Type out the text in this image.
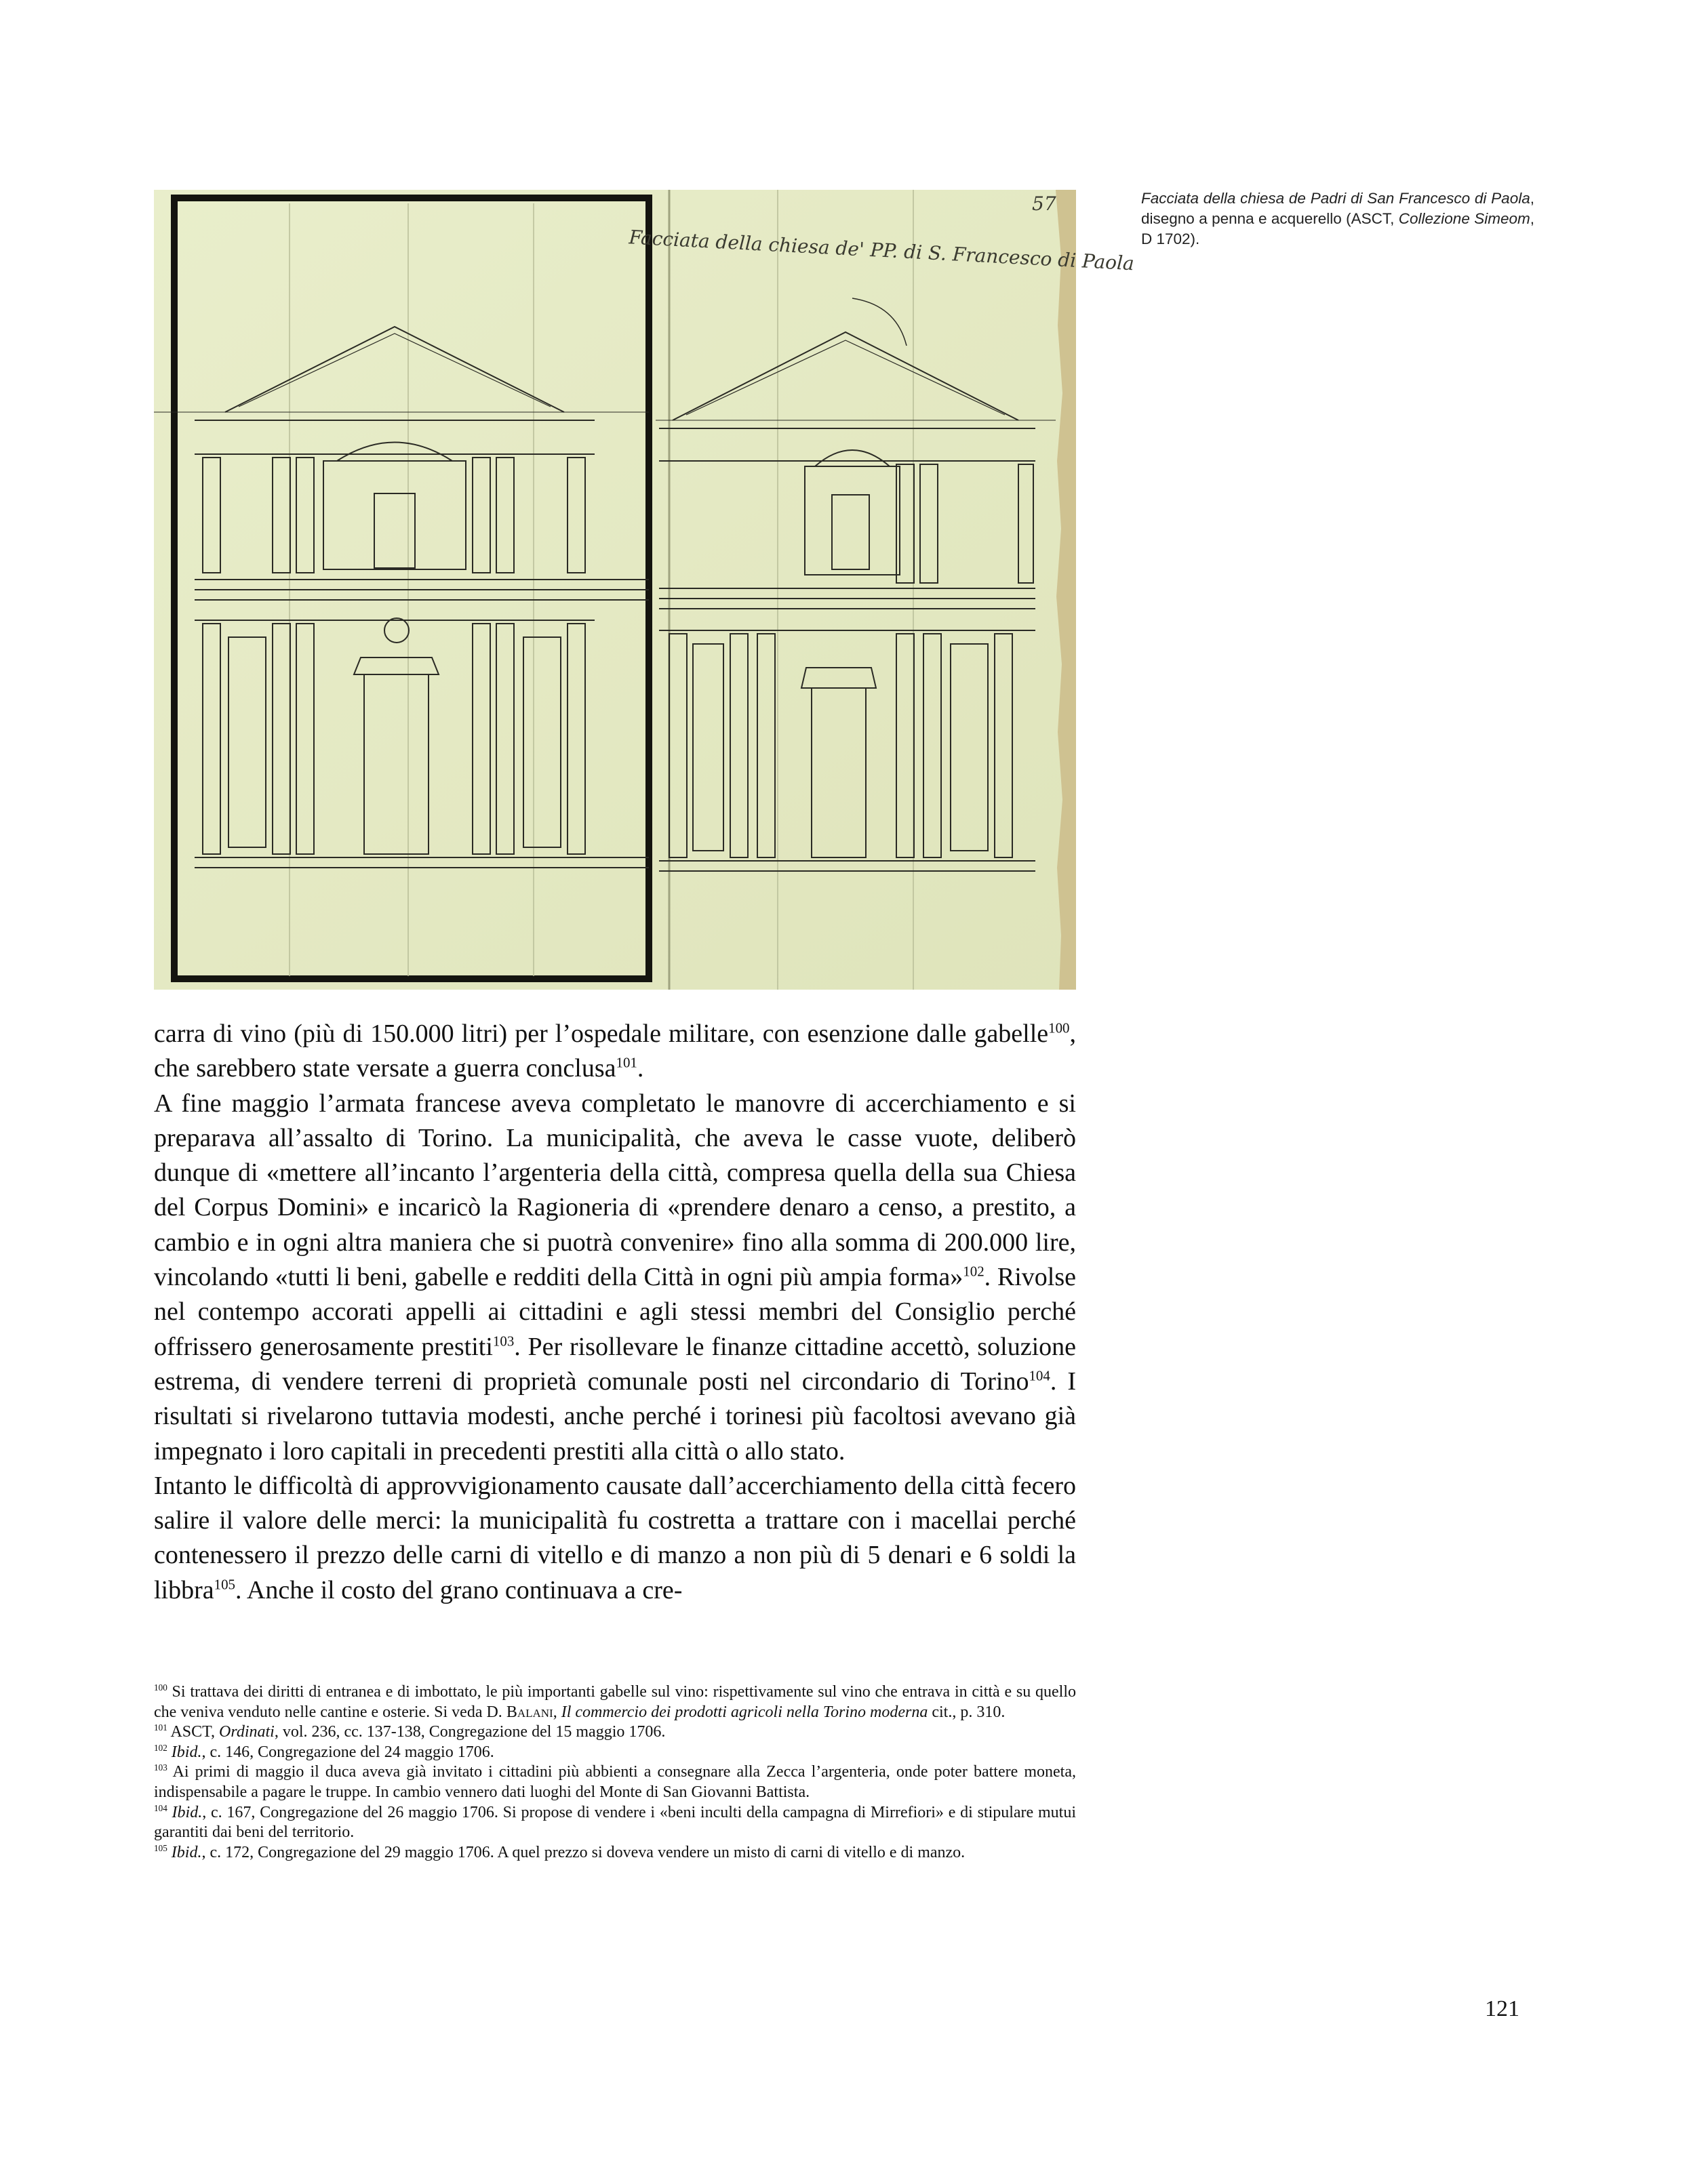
Facciata della chiesa de' PP. di S. Francesco di Paola
57	Facciata della chiesa de Padri di San Francesco di Paola, disegno a penna e acquerello (ASCT, Collezione Simeom, D 1702).

carra di vino (più di 150.000 litri) per l’ospedale militare, con esenzione dalle gabelle$^{100}$, che sarebbero state versate a guerra conclusa$^{101}$.

A fine maggio l’armata francese aveva completato le manovre di accerchiamento e si preparava all’assalto di Torino. La municipalità, che aveva le casse vuote, deliberò dunque di «mettere all’incanto l’argenteria della città, compresa quella della sua Chiesa del Corpus Domini» e incaricò la Ragioneria di «prendere denaro a censo, a prestito, a cambio e in ogni altra maniera che si puotrà convenire» fino alla somma di 200.000 lire, vincolando «tutti li beni, gabelle e redditi della Città in ogni più ampia forma»$^{102}$. Rivolse nel contempo accorati appelli ai cittadini e agli stessi membri del Consiglio perché offrissero generosamente prestiti$^{103}$. Per risollevare le finanze cittadine accettò, soluzione estrema, di vendere terreni di proprietà comunale posti nel circondario di Torino$^{104}$. I risultati si rivelarono tuttavia modesti, anche perché i torinesi più facoltosi avevano già impegnato i loro capitali in precedenti prestiti alla città o allo stato.

Intanto le difficoltà di approvvigionamento causate dall’accerchiamento della città fecero salire il valore delle merci: la municipalità fu costretta a trattare con i macellai perché contenessero il prezzo delle carni di vitello e di manzo a non più di 5 denari e 6 soldi la libbra$^{105}$. Anche il costo del grano continuava a cre-

$^{100}$ Si trattava dei diritti di entranea e di imbottato, le più importanti gabelle sul vino: rispettivamente sul vino che entrava in città e su quello che veniva venduto nelle cantine e osterie. Si veda D. Balani, Il commercio dei prodotti agricoli nella Torino moderna cit., p. 310.

$^{101}$ ASCT, Ordinati, vol. 236, cc. 137-138, Congregazione del 15 maggio 1706.

$^{102}$ Ibid., c. 146, Congregazione del 24 maggio 1706.

$^{103}$ Ai primi di maggio il duca aveva già invitato i cittadini più abbienti a consegnare alla Zecca l’argenteria, onde poter battere moneta, indispensabile a pagare le truppe. In cambio vennero dati luoghi del Monte di San Giovanni Battista.

$^{104}$ Ibid., c. 167, Congregazione del 26 maggio 1706. Si propose di vendere i «beni inculti della campagna di Mirrefiori» e di stipulare mutui garantiti dai beni del territorio.

$^{105}$ Ibid., c. 172, Congregazione del 29 maggio 1706. A quel prezzo si doveva vendere un misto di carni di vitello e di manzo.

121
